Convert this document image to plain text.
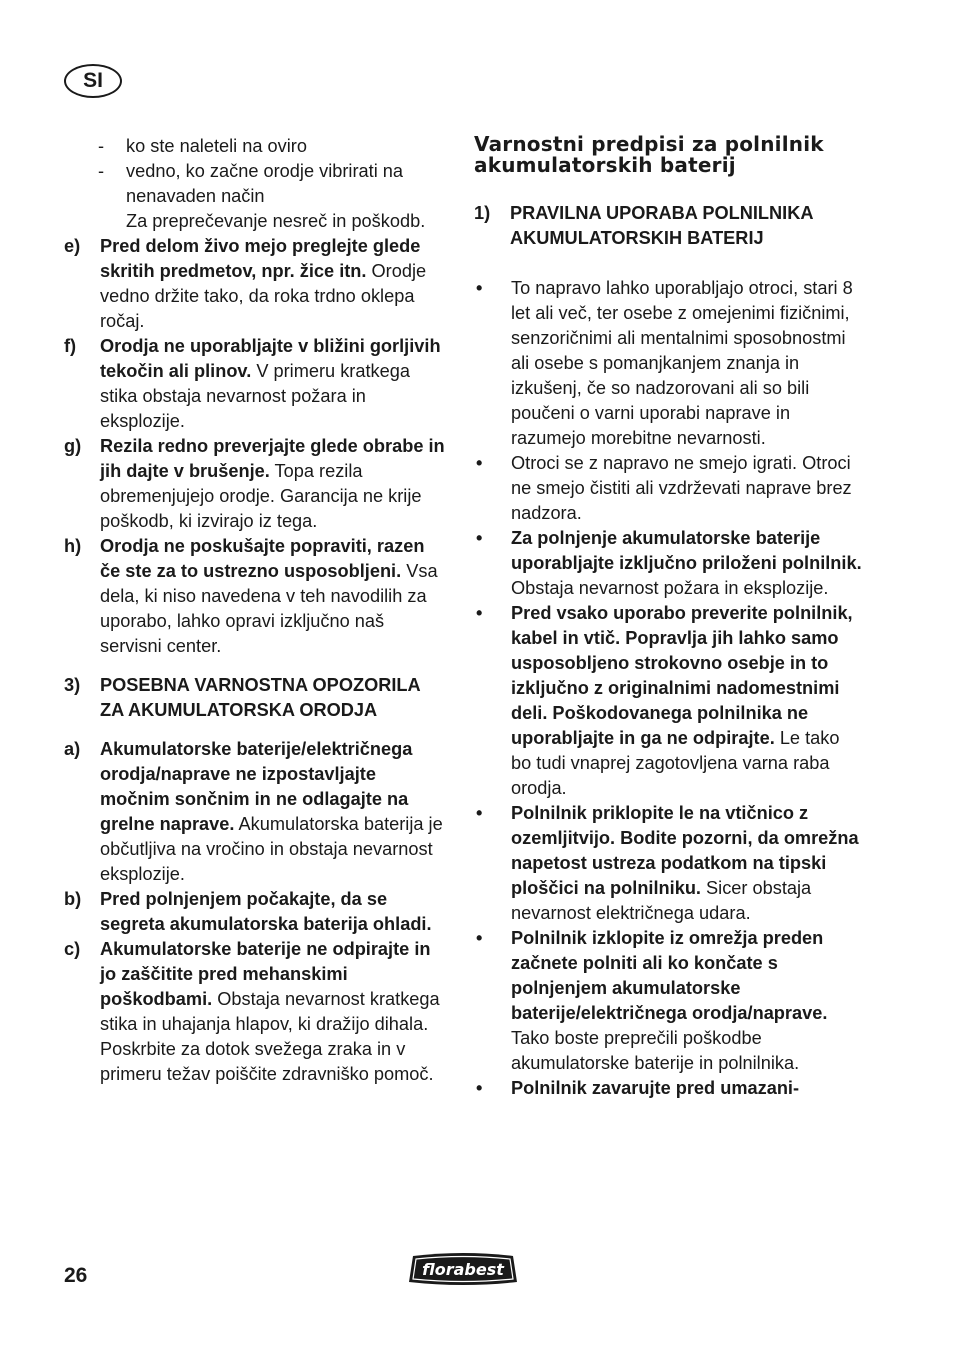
SI
-	ko ste naleteli na oviro
-	vedno, ko začne orodje vibrirati na nenavaden način
Za preprečevanje nesreč in poškodb.
e)	Pred delom živo mejo preglejte glede skritih predmetov, npr. žice itn. Orodje vedno držite tako, da roka trdno oklepa ročaj.
f)	Orodja ne uporabljajte v bližini gorljivih tekočin ali plinov. V primeru kratkega stika obstaja nevarnost požara in eksplozije.
g)	Rezila redno preverjajte glede obrabe in jih dajte v brušenje. Topa rezila obremenjujejo orodje. Garancija ne krije poškodb, ki izvirajo iz tega.
h)	Orodja ne poskušajte popraviti, razen če ste za to ustrezno usposobljeni. Vsa dela, ki niso navedena v teh navodilih za uporabo, lahko opravi izključno naš servisni center.
3)	POSEBNA VARNOSTNA OPOZORILA ZA AKUMULATORSKA ORODJA
a)	Akumulatorske baterije/električnega orodja/naprave ne izpostavljajte močnim sončnim in ne odlagajte na grelne naprave. Akumulatorska baterija je občutljiva na vročino in obstaja nevarnost eksplozije.
b)	Pred polnjenjem počakajte, da se segreta akumulatorska baterija ohladi.
c)	Akumulatorske baterije ne odpirajte in jo zaščitite pred mehanskimi poškodbami. Obstaja nevarnost kratkega stika in uhajanja hlapov, ki dražijo dihala. Poskrbite za dotok svežega zraka in v primeru težav poiščite zdravniško pomoč.
Varnostni predpisi za polnilnik akumulatorskih baterij
1)	PRAVILNA UPORABA POLNILNIKA AKUMULATORSKIH BATERIJ
•	To napravo lahko uporabljajo otroci, stari 8 let ali več, ter osebe z omejenimi fizičnimi, senzoričnimi ali mentalnimi sposobnostmi ali osebe s pomanjkanjem znanja in izkušenj, če so nadzorovani ali so bili poučeni o varni uporabi naprave in razumejo morebitne nevarnosti.
•	Otroci se z napravo ne smejo igrati. Otroci ne smejo čistiti ali vzdrževati naprave brez nadzora.
•	Za polnjenje akumulatorske baterije uporabljajte izključno priloženi polnilnik. Obstaja nevarnost požara in eksplozije.
•	Pred vsako uporabo preverite polnilnik, kabel in vtič. Popravlja jih lahko samo usposobljeno strokovno osebje in to izključno z originalnimi nadomestnimi deli. Poškodovanega polnilnika ne uporabljajte in ga ne odpirajte. Le tako bo tudi vnaprej zagotovljena varna raba orodja.
•	Polnilnik priklopite le na vtičnico z ozemljitvijo. Bodite pozorni, da omrežna napetost ustreza podatkom na tipski ploščici na polnilniku. Sicer obstaja nevarnost električnega udara.
•	Polnilnik izklopite iz omrežja preden začnete polniti ali ko končate s polnjenjem akumulatorske baterije/električnega orodja/naprave. Tako boste preprečili poškodbe akumulatorske baterije in polnilnika.
•	Polnilnik zavarujte pred umazani-
26	florabest
